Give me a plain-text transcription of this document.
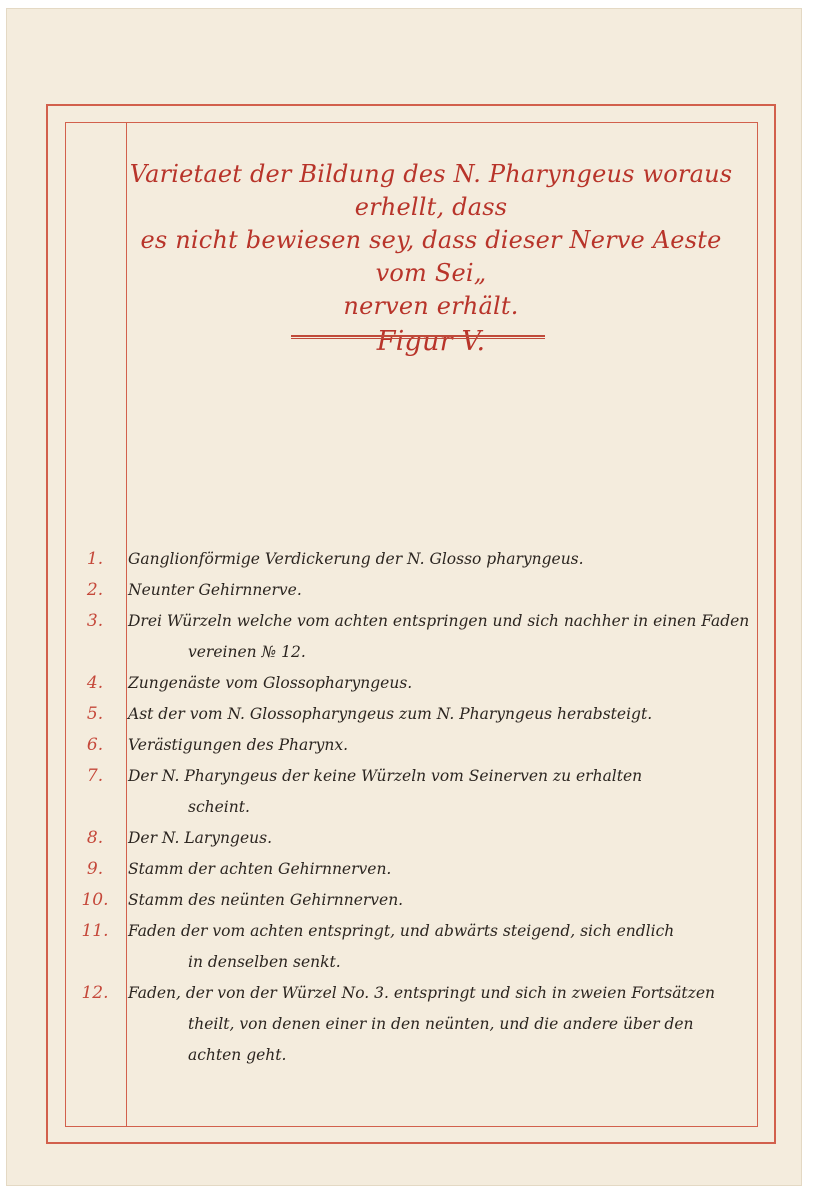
Varietaet der Bildung des N. Pharyngeus woraus erhellt, dass
es nicht bewiesen sey, dass dieser Nerve Aeste vom Sei„
nerven erhält.
Figur V.
1.	Ganglionförmige Verdickerung der N. Glosso pharyngeus.
2.	Neunter Gehirnnerve.
3.	Drei Würzeln welche vom achten entspringen und sich nachher in einen Faden
vereinen № 12.
4.	Zungenäste vom Glossopharyngeus.
5.	Ast der vom N. Glossopharyngeus zum N. Pharyngeus herabsteigt.
6.	Verästigungen des Pharynx.
7.	Der N. Pharyngeus der keine Würzeln vom Seinerven zu erhalten
scheint.
8.	Der N. Laryngeus.
9.	Stamm der achten Gehirnnerven.
10.	Stamm des neünten Gehirnnerven.
11.	Faden der vom achten entspringt, und abwärts steigend, sich endlich
in denselben senkt.
12.	Faden, der von der Würzel No. 3. entspringt und sich in zweien Fortsätzen
theilt, von denen einer in den neünten, und die andere über den achten geht.
